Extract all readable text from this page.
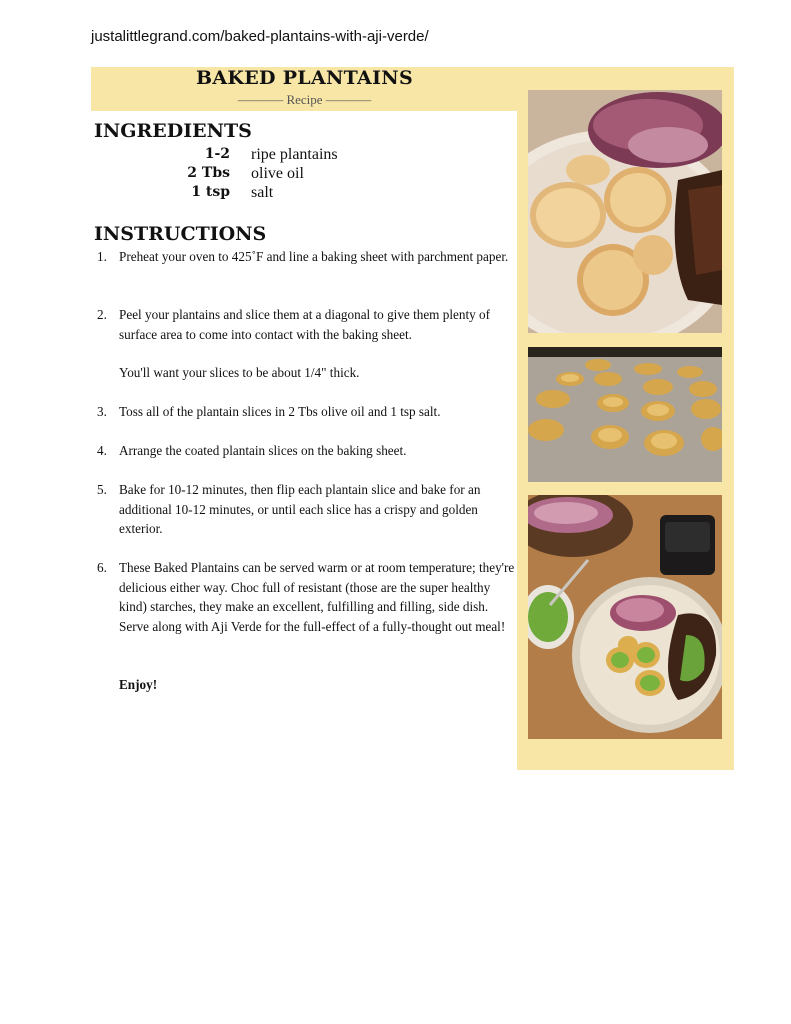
justalittlegrand.com/baked-plantains-with-aji-verde/
BAKED PLANTAINS
––––––– Recipe –––––––
INGREDIENTS
1-2 ripe plantains
2 Tbs olive oil
1 tsp salt
INSTRUCTIONS
1. Preheat your oven to 425˚F and line a baking sheet with parchment paper.
2. Peel your plantains and slice them at a diagonal to give them plenty of surface area to come into contact with the baking sheet.
You'll want your slices to be about 1/4" thick.
3. Toss all of the plantain slices in 2 Tbs olive oil and 1 tsp salt.
4. Arrange the coated plantain slices on the baking sheet.
5. Bake for 10-12 minutes, then flip each plantain slice and bake for an additional 10-12 minutes, or until each slice has a crispy and golden exterior.
6. These Baked Plantains can be served warm or at room temperature; they're delicious either way. Choc full of resistant (those are the super healthy kind) starches, they make an excellent, fulfilling and filling, side dish. Serve along with Aji Verde for the full-effect of a fully-thought out meal!
Enjoy!
